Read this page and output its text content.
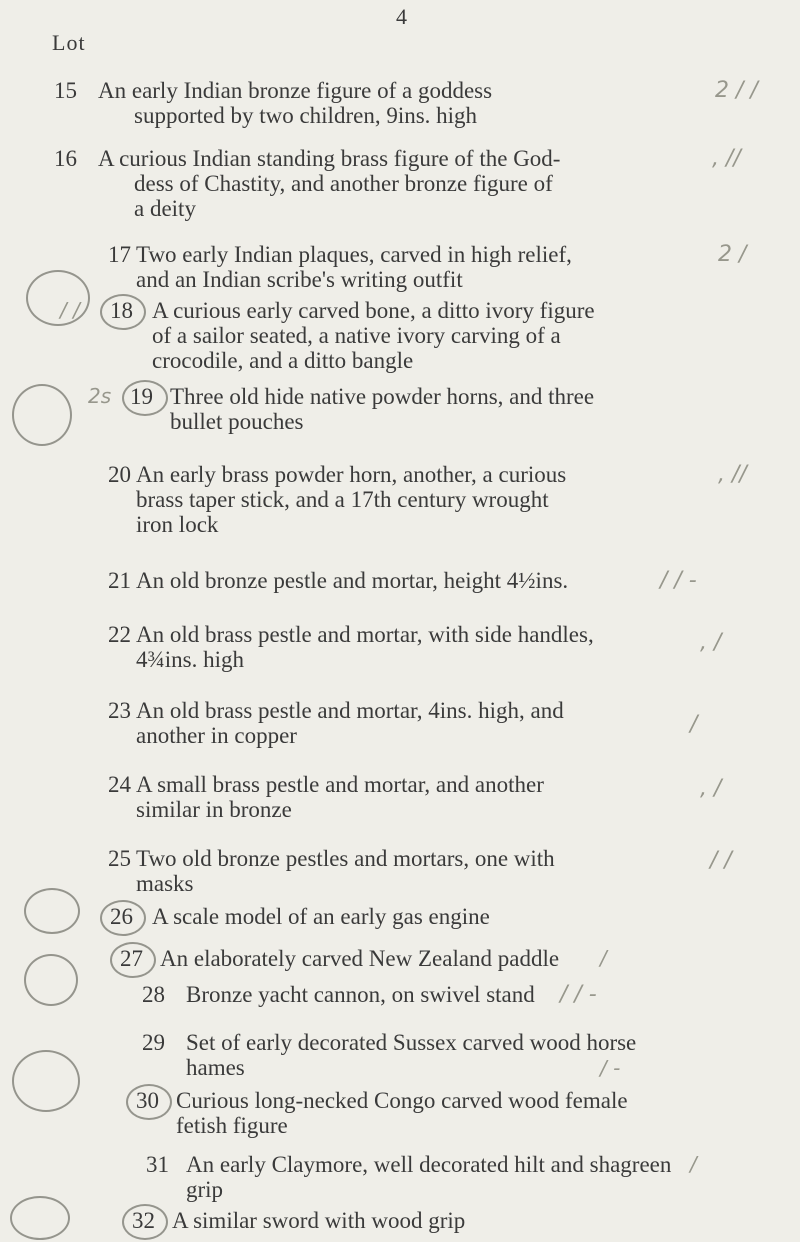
4
Lot
15 An early Indian bronze figure of a goddess
supported by two children, 9ins. high
2 / /
16 A curious Indian standing brass figure of the God-
dess of Chastity, and another bronze figure of
a deity
, //
17 Two early Indian plaques, carved in high relief,
and an Indian scribe's writing outfit
2 /
18 A curious early carved bone, a ditto ivory figure
of a sailor seated, a native ivory carving of a
crocodile, and a ditto bangle
/ /
19 Three old hide native powder horns, and three
bullet pouches
2s
20 An early brass powder horn, another, a curious
brass taper stick, and a 17th century wrought
iron lock
, //
21 An old bronze pestle and mortar, height 4½ins.	/ / -
22 An old brass pestle and mortar, with side handles,
4¾ins. high
, /
23 An old brass pestle and mortar, 4ins. high, and
another in copper	/
24 A small brass pestle and mortar, and another
similar in bronze
, /
25 Two old bronze pestles and mortars, one with
masks
/ /
26 A scale model of an early gas engine
27 An elaborately carved New Zealand paddle	/
28 Bronze yacht cannon, on swivel stand	/ / -
29 Set of early decorated Sussex carved wood horse
hames	/ -
30 Curious long-necked Congo carved wood female
fetish figure
31 An early Claymore, well decorated hilt and shagreen
grip
/
32 A similar sword with wood grip
